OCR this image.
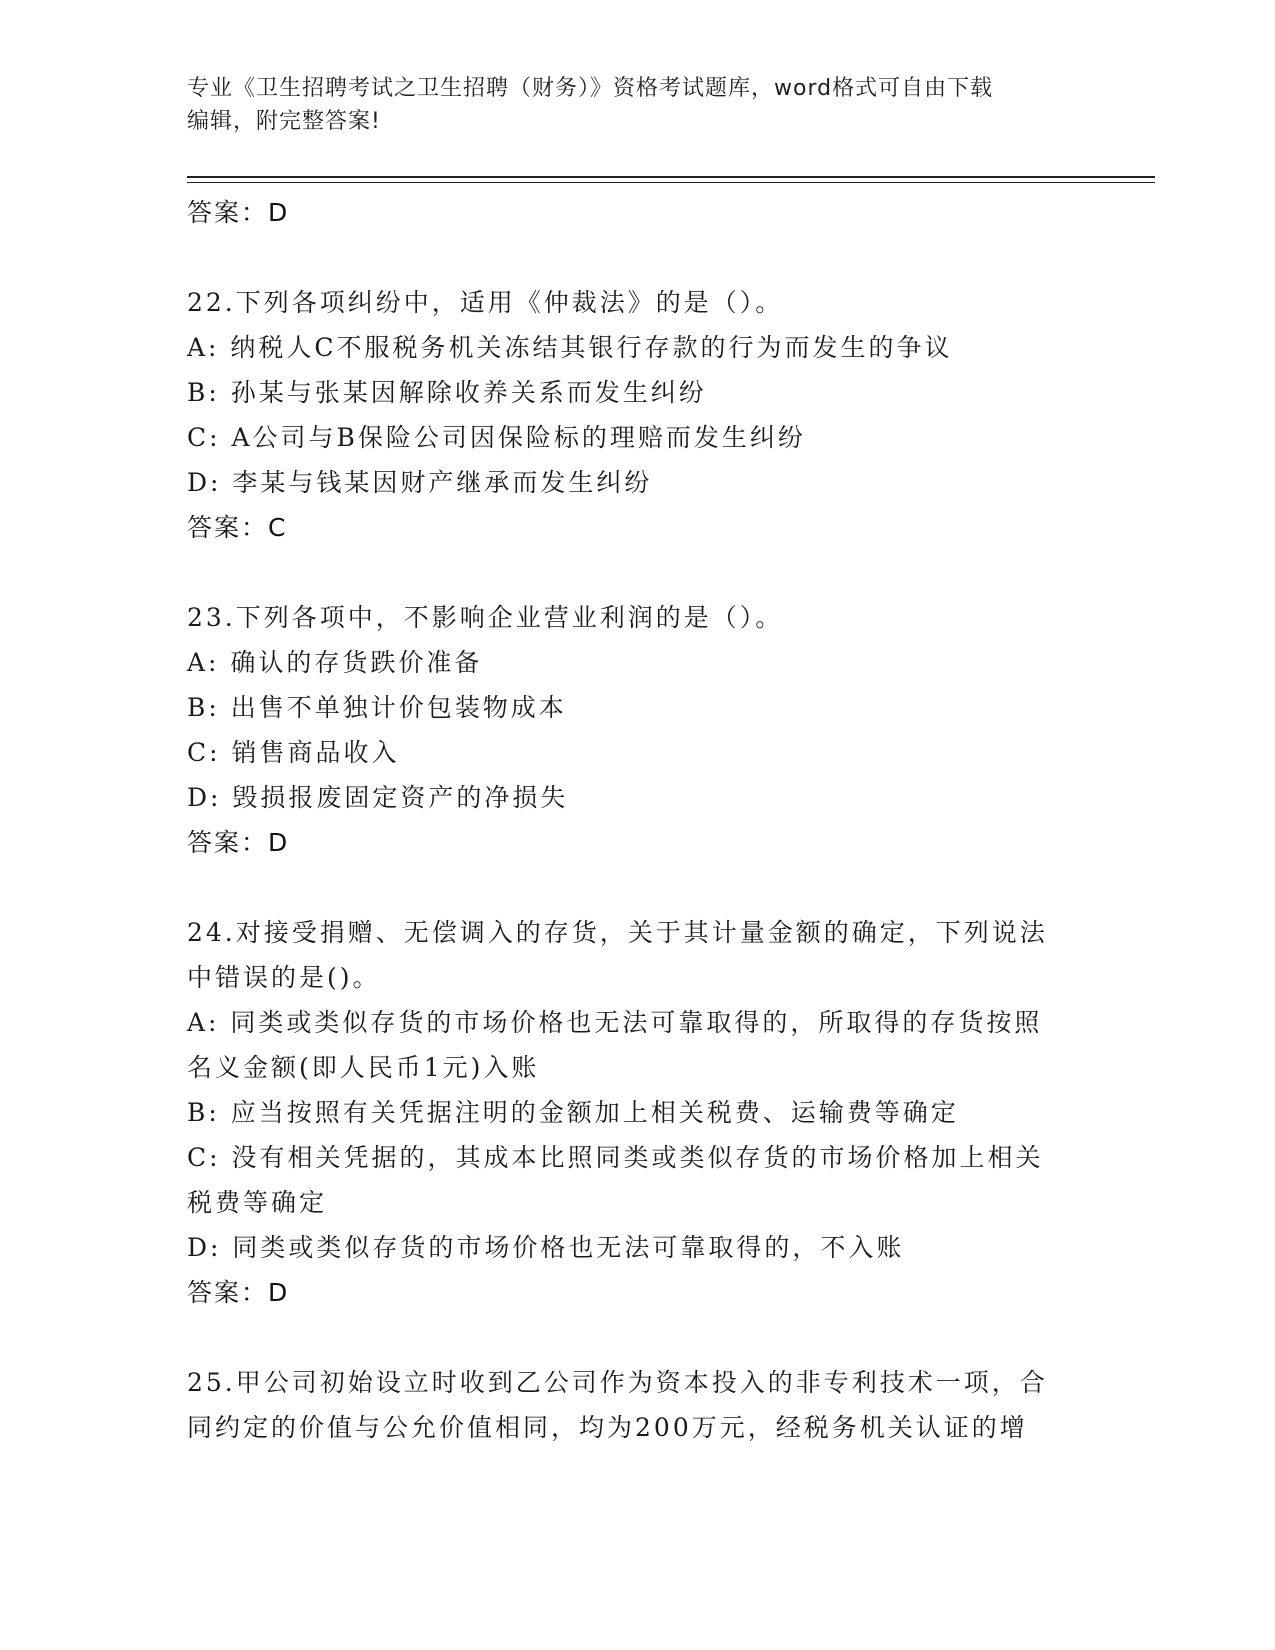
专业《卫生招聘考试之卫生招聘（财务）》资格考试题库，word格式可自由下载
编辑，附完整答案!
答案：D
22.下列各项纠纷中，适用《仲裁法》的是（）。
A: 纳税人C不服税务机关冻结其银行存款的行为而发生的争议
B: 孙某与张某因解除收养关系而发生纠纷
C: A公司与B保险公司因保险标的理赔而发生纠纷
D: 李某与钱某因财产继承而发生纠纷
答案：C
23.下列各项中，不影响企业营业利润的是（）。
A: 确认的存货跌价准备
B: 出售不单独计价包装物成本
C: 销售商品收入
D: 毁损报废固定资产的净损失
答案：D
24.对接受捐赠、无偿调入的存货，关于其计量金额的确定，下列说法
中错误的是()。
A: 同类或类似存货的市场价格也无法可靠取得的，所取得的存货按照
名义金额(即人民币1元)入账
B: 应当按照有关凭据注明的金额加上相关税费、运输费等确定
C: 没有相关凭据的，其成本比照同类或类似存货的市场价格加上相关
税费等确定
D: 同类或类似存货的市场价格也无法可靠取得的，不入账
答案：D
25.甲公司初始设立时收到乙公司作为资本投入的非专利技术一项，合
同约定的价值与公允价值相同，均为200万元，经税务机关认证的增
